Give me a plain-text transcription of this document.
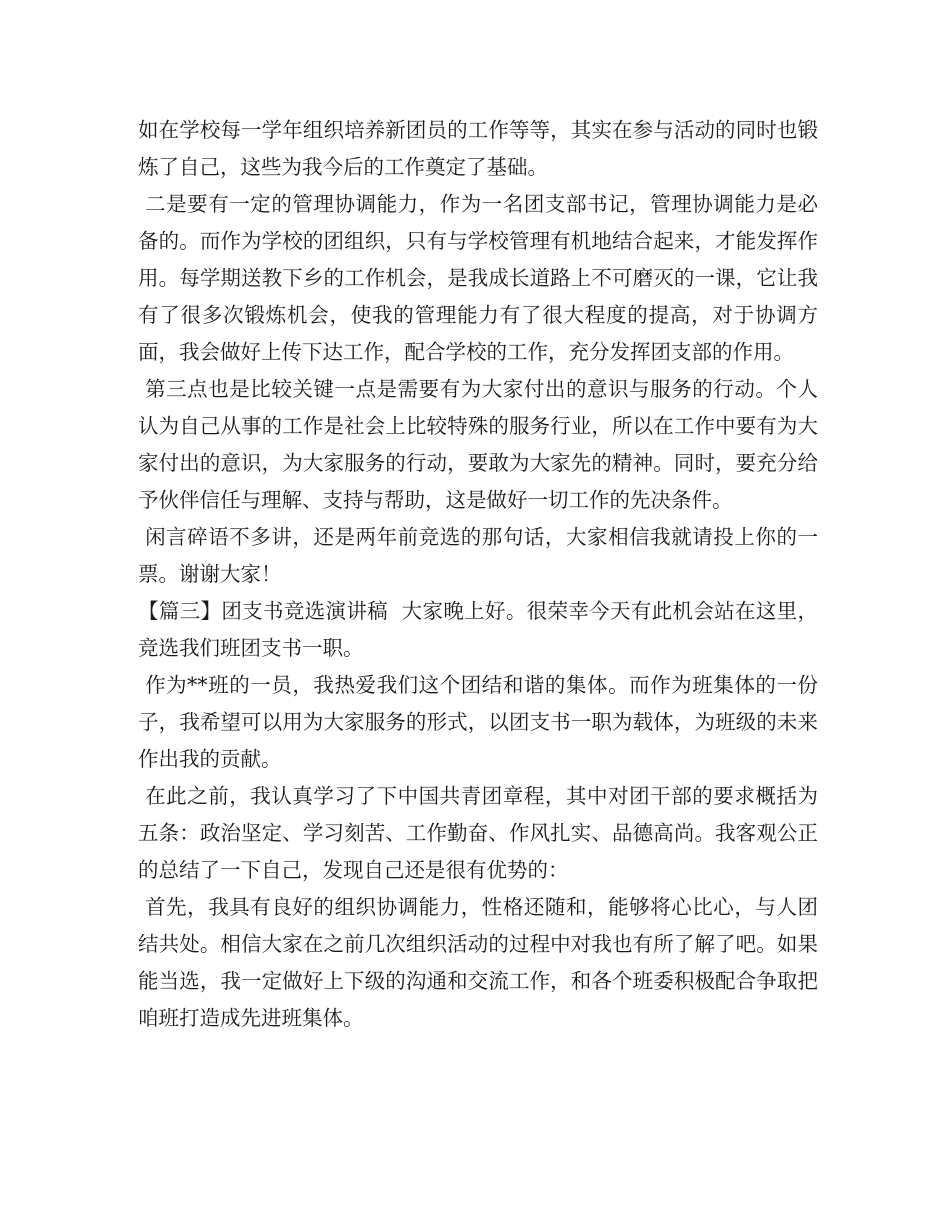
如在学校每一学年组织培养新团员的工作等等，其实在参与活动的同时也锻炼了自己，这些为我今后的工作奠定了基础。

二是要有一定的管理协调能力，作为一名团支部书记，管理协调能力是必备的。而作为学校的团组织，只有与学校管理有机地结合起来，才能发挥作用。每学期送教下乡的工作机会，是我成长道路上不可磨灭的一课，它让我有了很多次锻炼机会，使我的管理能力有了很大程度的提高，对于协调方面，我会做好上传下达工作，配合学校的工作，充分发挥团支部的作用。

第三点也是比较关键一点是需要有为大家付出的意识与服务的行动。个人认为自己从事的工作是社会上比较特殊的服务行业，所以在工作中要有为大家付出的意识，为大家服务的行动，要敢为大家先的精神。同时，要充分给予伙伴信任与理解、支持与帮助，这是做好一切工作的先决条件。

闲言碎语不多讲，还是两年前竞选的那句话，大家相信我就请投上你的一票。谢谢大家！

【篇三】团支书竞选演讲稿  大家晚上好。很荣幸今天有此机会站在这里，竞选我们班团支书一职。

作为**班的一员，我热爱我们这个团结和谐的集体。而作为班集体的一份子，我希望可以用为大家服务的形式，以团支书一职为载体，为班级的未来作出我的贡献。

在此之前，我认真学习了下中国共青团章程，其中对团干部的要求概括为五条：政治坚定、学习刻苦、工作勤奋、作风扎实、品德高尚。我客观公正的总结了一下自己，发现自己还是很有优势的：

首先，我具有良好的组织协调能力，性格还随和，能够将心比心，与人团结共处。相信大家在之前几次组织活动的过程中对我也有所了解了吧。如果能当选，我一定做好上下级的沟通和交流工作，和各个班委积极配合争取把咱班打造成先进班集体。
